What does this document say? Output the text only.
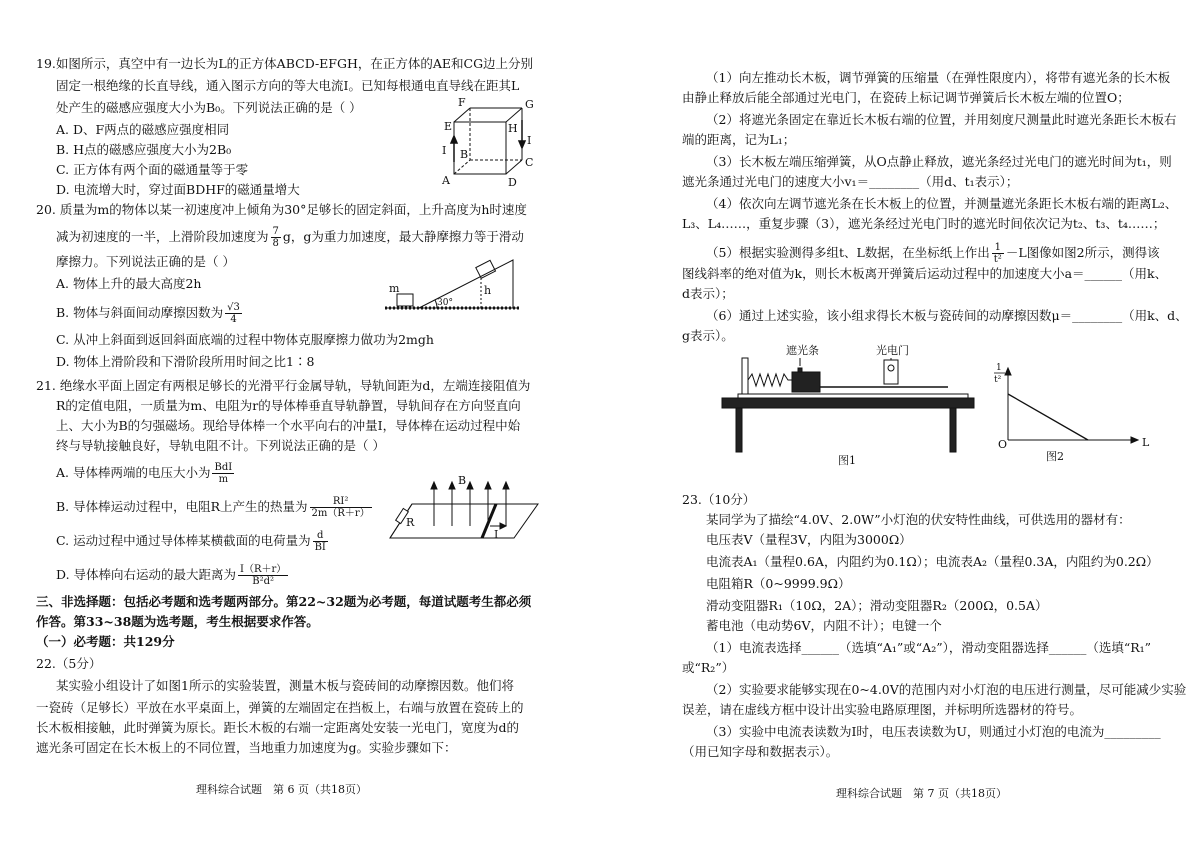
19.如图所示，真空中有一边长为L的正方体ABCD-EFGH，在正方体的AE和CG边上分别
固定一根绝缘的长直导线，通入图示方向的等大电流I。已知每根通电直导线在距其L
处产生的磁感应强度大小为B₀。下列说法正确的是（ ）
A. D、F两点的磁感应强度相同
B. H点的磁感应强度大小为2B₀
C. 正方体有两个面的磁通量等于零
D. 电流增大时，穿过面BDHF的磁通量增大
F	G
E	H
I
I
B
C
A	D
20. 质量为m的物体以某一初速度冲上倾角为30°足够长的固定斜面，上升高度为h时速度
减为初速度的一半，上滑阶段加速度为 $\frac{7}{8}$ g，g为重力加速度，最大静摩擦力等于滑动
摩擦力。下列说法正确的是（ ）
A. 物体上升的最大高度2h
B. 物体与斜面间动摩擦因数为 $\frac{√3}{4}$
C. 从冲上斜面到返回斜面底端的过程中物体克服摩擦力做功为2mgh
D. 物体上滑阶段和下滑阶段所用时间之比1∶8
m
30°
h
21. 绝缘水平面上固定有两根足够长的光滑平行金属导轨，导轨间距为d，左端连接阻值为
R的定值电阻，一质量为m、电阻为r的导体棒垂直导轨静置，导轨间存在方向竖直向
上、大小为B的匀强磁场。现给导体棒一个水平向右的冲量I，导体棒在运动过程中始
终与导轨接触良好，导轨电阻不计。下列说法正确的是（ ）
A. 导体棒两端的电压大小为 $\frac{\text{BdI}}{m}$
B. 导体棒运动过程中，电阻R上产生的热量为 $\frac{\text{RI²}}{2m(R+r)}$
C. 运动过程中通过导体棒某横截面的电荷量为 $\frac{d}{BI}$
D. 导体棒向右运动的最大距离为 $\frac{I(R+r)}{\text{B²d²}}$
B
R
I
三、非选择题：包括必考题和选考题两部分。第22~32题为必考题，每道试题考生都必须
作答。第33~38题为选考题，考生根据要求作答。
（一）必考题：共129分
22.（5分）
某实验小组设计了如图1所示的实验装置，测量木板与瓷砖间的动摩擦因数。他们将
一瓷砖（足够长）平放在水平桌面上，弹簧的左端固定在挡板上，右端与放置在瓷砖上的
长木板相接触，此时弹簧为原长。距长木板的右端一定距离处安装一光电门，宽度为d的
遮光条可固定在长木板上的不同位置，当地重力加速度为g。实验步骤如下：
理科综合试题　第 6 页（共18页）
（1）向左推动长木板，调节弹簧的压缩量（在弹性限度内），将带有遮光条的长木板
由静止释放后能全部通过光电门，在瓷砖上标记调节弹簧后长木板左端的位置O；
（2）将遮光条固定在靠近长木板右端的位置，并用刻度尺测量此时遮光条距长木板右
端的距离，记为L₁；
（3）长木板左端压缩弹簧，从O点静止释放，遮光条经过光电门的遮光时间为t₁，则
遮光条通过光电门的速度大小v₁＝________（用d、t₁表示）；
（4）依次向左调节遮光条在长木板上的位置，并测量遮光条距长木板右端的距离L₂、
L₃、L₄……，重复步骤（3），遮光条经过光电门时的遮光时间依次记为t₂、t₃、t₄……；
（5）根据实验测得多组t、L数据，在坐标纸上作出 $\frac{1}{\text{t²}} -L$图像如图2所示，测得该
图线斜率的绝对值为k，则长木板离开弹簧后运动过程中的加速度大小a＝______（用k、
d表示）；
（6）通过上述实验，该小组求得长木板与瓷砖间的动摩擦因数μ＝________（用k、d、
g表示）。
遮光条	光电门
图1
1
t²
O	L
图2
23.（10分）
某同学为了描绘“4.0V、2.0W”小灯泡的伏安特性曲线，可供选用的器材有：
电压表V（量程3V，内阻为3000Ω）
电流表A₁（量程0.6A，内阻约为0.1Ω）；电流表A₂（量程0.3A，内阻约为0.2Ω）
电阻箱R（0~9999.9Ω）
滑动变阻器R₁（10Ω，2A）；滑动变阻器R₂（200Ω，0.5A）
蓄电池（电动势6V，内阻不计）；电键一个
（1）电流表选择______（选填“A₁”或“A₂”），滑动变阻器选择______（选填“R₁”
或“R₂”）
（2）实验要求能够实现在0~4.0V的范围内对小灯泡的电压进行测量，尽可能减少实验
误差，请在虚线方框中设计出实验电路原理图，并标明所选器材的符号。
（3）实验中电流表读数为I时，电压表读数为U，则通过小灯泡的电流为_________
（用已知字母和数据表示）。
理科综合试题　第 7 页（共18页）
